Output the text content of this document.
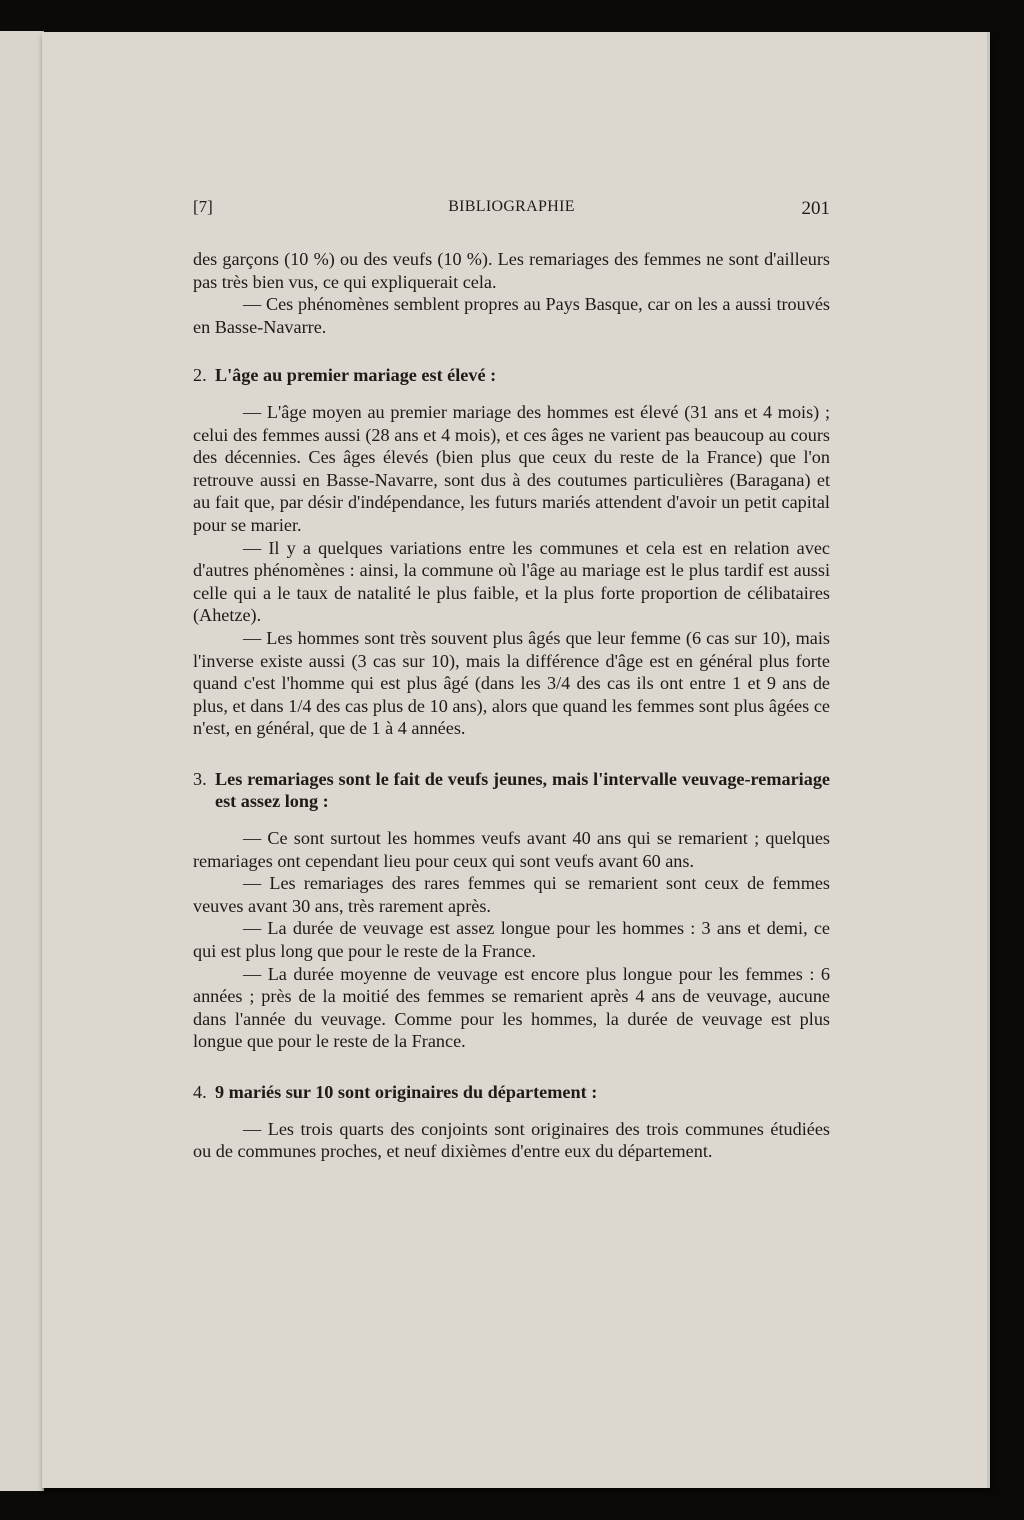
[7]	BIBLIOGRAPHIE	201

des garçons (10 %) ou des veufs (10 %). Les remariages des femmes ne sont d'ailleurs pas très bien vus, ce qui expliquerait cela.

— Ces phénomènes semblent propres au Pays Basque, car on les a aussi trouvés en Basse-Navarre.

2. L'âge au premier mariage est élevé :

— L'âge moyen au premier mariage des hommes est élevé (31 ans et 4 mois) ; celui des femmes aussi (28 ans et 4 mois), et ces âges ne varient pas beaucoup au cours des décennies. Ces âges élevés (bien plus que ceux du reste de la France) que l'on retrouve aussi en Basse-Navarre, sont dus à des coutumes particulières (Baragana) et au fait que, par désir d'indépendance, les futurs mariés attendent d'avoir un petit capital pour se marier.

— Il y a quelques variations entre les communes et cela est en relation avec d'autres phénomènes : ainsi, la commune où l'âge au mariage est le plus tardif est aussi celle qui a le taux de natalité le plus faible, et la plus forte proportion de célibataires (Ahetze).

— Les hommes sont très souvent plus âgés que leur femme (6 cas sur 10), mais l'inverse existe aussi (3 cas sur 10), mais la différence d'âge est en général plus forte quand c'est l'homme qui est plus âgé (dans les 3/4 des cas ils ont entre 1 et 9 ans de plus, et dans 1/4 des cas plus de 10 ans), alors que quand les femmes sont plus âgées ce n'est, en général, que de 1 à 4 années.

3. Les remariages sont le fait de veufs jeunes, mais l'intervalle veuvage-remariage est assez long :

— Ce sont surtout les hommes veufs avant 40 ans qui se remarient ; quelques remariages ont cependant lieu pour ceux qui sont veufs avant 60 ans.

— Les remariages des rares femmes qui se remarient sont ceux de femmes veuves avant 30 ans, très rarement après.

— La durée de veuvage est assez longue pour les hommes : 3 ans et demi, ce qui est plus long que pour le reste de la France.

— La durée moyenne de veuvage est encore plus longue pour les femmes : 6 années ; près de la moitié des femmes se remarient après 4 ans de veuvage, aucune dans l'année du veuvage. Comme pour les hommes, la durée de veuvage est plus longue que pour le reste de la France.

4. 9 mariés sur 10 sont originaires du département :

— Les trois quarts des conjoints sont originaires des trois communes étudiées ou de communes proches, et neuf dixièmes d'entre eux du département.
